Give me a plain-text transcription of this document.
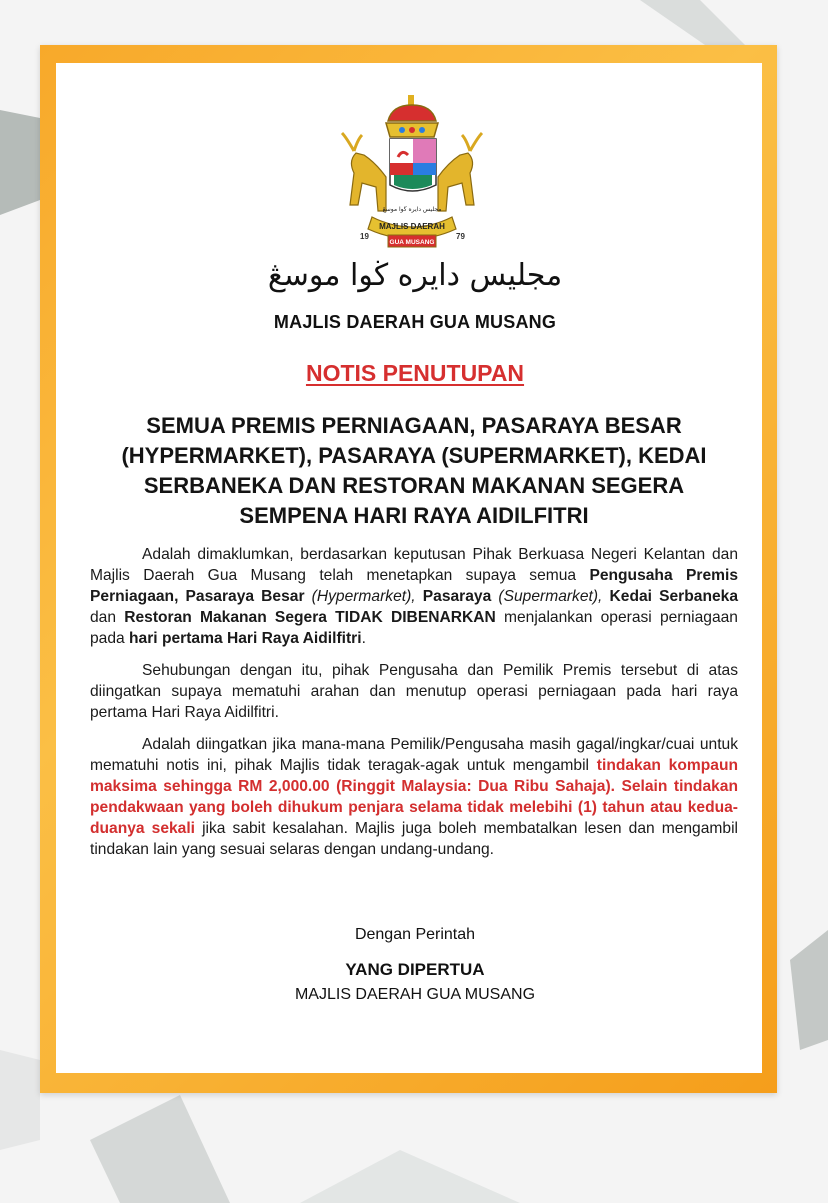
19	79
MAJLIS DAERAH
GUA MUSANG
مجليس دايره ڬوا موسڠ
مجليس دايره ڬوا موسڠ
MAJLIS DAERAH GUA MUSANG
NOTIS PENUTUPAN
SEMUA PREMIS PERNIAGAAN, PASARAYA BESAR
(HYPERMARKET), PASARAYA (SUPERMARKET), KEDAI
SERBANEKA DAN RESTORAN MAKANAN SEGERA
SEMPENA HARI RAYA AIDILFITRI
Adalah dimaklumkan, berdasarkan keputusan Pihak Berkuasa Negeri Kelantan dan Majlis Daerah Gua Musang telah menetapkan supaya semua Pengusaha Premis Perniagaan, Pasaraya Besar (Hypermarket), Pasaraya (Supermarket), Kedai Serbaneka dan Restoran Makanan Segera TIDAK DIBENARKAN menjalankan operasi perniagaan pada hari pertama Hari Raya Aidilfitri.
Sehubungan dengan itu, pihak Pengusaha dan Pemilik Premis tersebut di atas diingatkan supaya mematuhi arahan dan menutup operasi perniagaan pada hari raya pertama Hari Raya Aidilfitri.
Adalah diingatkan jika mana-mana Pemilik/Pengusaha masih gagal/ingkar/cuai untuk mematuhi notis ini, pihak Majlis tidak teragak-agak untuk mengambil tindakan kompaun maksima sehingga RM 2,000.00 (Ringgit Malaysia: Dua Ribu Sahaja). Selain tindakan pendakwaan yang boleh dihukum penjara selama tidak melebihi (1) tahun atau kedua-duanya sekali jika sabit kesalahan. Majlis juga boleh membatalkan lesen dan mengambil tindakan lain yang sesuai selaras dengan undang-undang.
Dengan Perintah
YANG DIPERTUA
MAJLIS DAERAH GUA MUSANG
